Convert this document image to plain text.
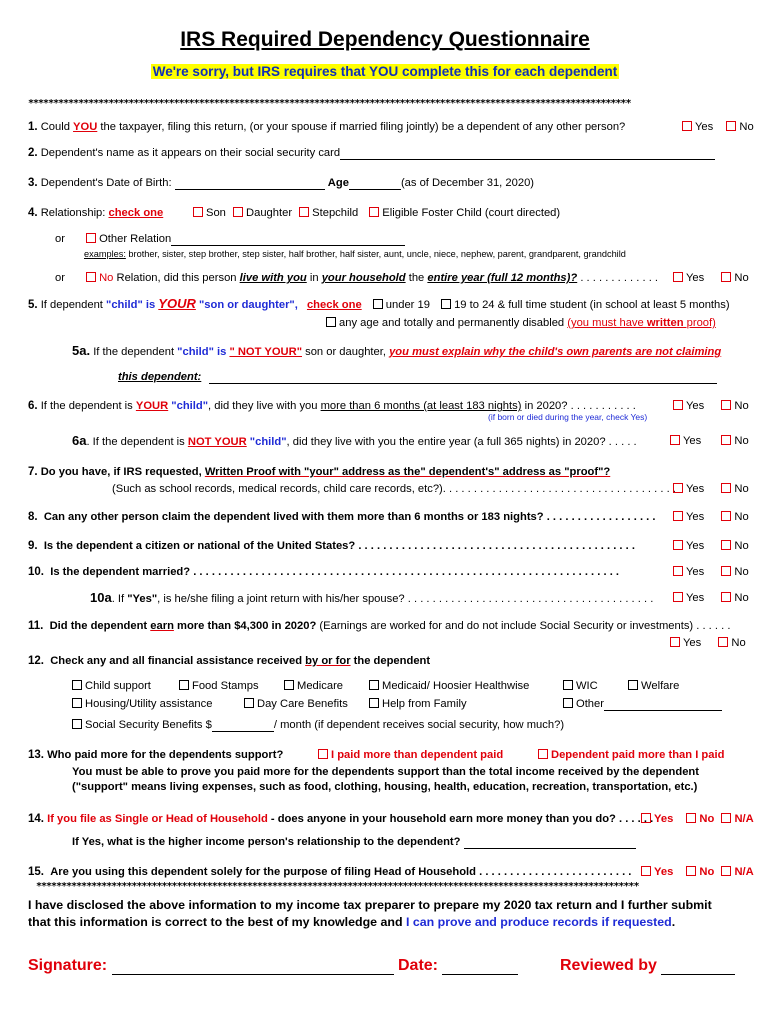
IRS Required Dependency Questionnaire
We're sorry, but IRS requires that YOU complete this for each dependent
************************************************************************************************************************
1. Could YOU the taxpayer, filing this return, (or your spouse if married filing jointly) be a dependent of any other person?	Yes No
2. Dependent's name as it appears on their social security card
3. Dependent's Date of Birth:	Age	(as of December 31, 2020)
4. Relationship: check one	Son Daughter Stepchild Eligible Foster Child (court directed)
or	Other Relation
examples: brother, sister, step brother, step sister, half brother, half sister, aunt, uncle, niece, nephew, parent, grandparent, grandchild
or	No Relation, did this person live with you in your household the entire year (full 12 months)? . . . . . . . . . . . . .	Yes	No
5. If dependent "child" is YOUR "son or daughter", check one under 19 19 to 24 & full time student (in school at least 5 months)
any age and totally and permanently disabled (you must have written proof)
5a. If the dependent "child" is " NOT YOUR" son or daughter, you must explain why the child's own parents are not claiming
this dependent:
6. If the dependent is YOUR "child", did they live with you more than 6 months (at least 183 nights) in 2020? . . . . . . . . . . .
(if born or died during the year, check Yes)
Yes	No
6a. If the dependent is NOT YOUR "child", did they live with you the entire year (a full 365 nights) in 2020? . . . . .	Yes	No
7. Do you have, if IRS requested, Written Proof with "your" address as the" dependent's" address as "proof"?
(Such as school records, medical records, child care records, etc?). . . . . . . . . . . . . . . . . . . . . . . . . . . . . . . . . . . . . . Yes	No
8. Can any other person claim the dependent lived with them more than 6 months or 183 nights? . . . . . . . . . . . . . . . . . .	Yes	No
9. Is the dependent a citizen or national of the United States? . . . . . . . . . . . . . . . . . . . . . . . . . . . . . . . . . . . . . . . . . . . . .	Yes	No
10. Is the dependent married? . . . . . . . . . . . . . . . . . . . . . . . . . . . . . . . . . . . . . . . . . . . . . . . . . . . . . . . . . . . . . . . . . . . . .	Yes	No
10a. If "Yes", is he/she filing a joint return with his/her spouse? . . . . . . . . . . . . . . . . . . . . . . . . . . . . . . . . . . . . . . . .	Yes	No
11. Did the dependent earn more than $4,300 in 2020? (Earnings are worked for and do not include Social Security or investments) . . . . . .
Yes	No
12. Check any and all financial assistance received by or for the dependent
Child support	Food Stamps	Medicare	Medicaid/ Hoosier Healthwise	WIC	Welfare
Housing/Utility assistance	Day Care Benefits	Help from Family	Other
Social Security Benefits $	/ month (if dependent receives social security, how much?)
13. Who paid more for the dependents support?	I paid more than dependent paid	Dependent paid more than I paid
You must be able to prove you paid more for the dependents support than the total income received by the dependent
("support" means living expenses, such as food, clothing, housing, health, education, recreation, transportation, etc.)
14. If you file as Single or Head of Household - does anyone in your household earn more money than you do? . . . . . . Yes No N/A
If Yes, what is the higher income person's relationship to the dependent?
15. Are you using this dependent solely for the purpose of filing Head of Household . . . . . . . . . . . . . . . . . . . . . . . . .	Yes No N/A
************************************************************************************************************************
I have disclosed the above information to my income tax preparer to prepare my 2020 tax return and I further submit
that this information is correct to the best of my knowledge and I can prove and produce records if requested.
Signature:	Date:	Reviewed by
